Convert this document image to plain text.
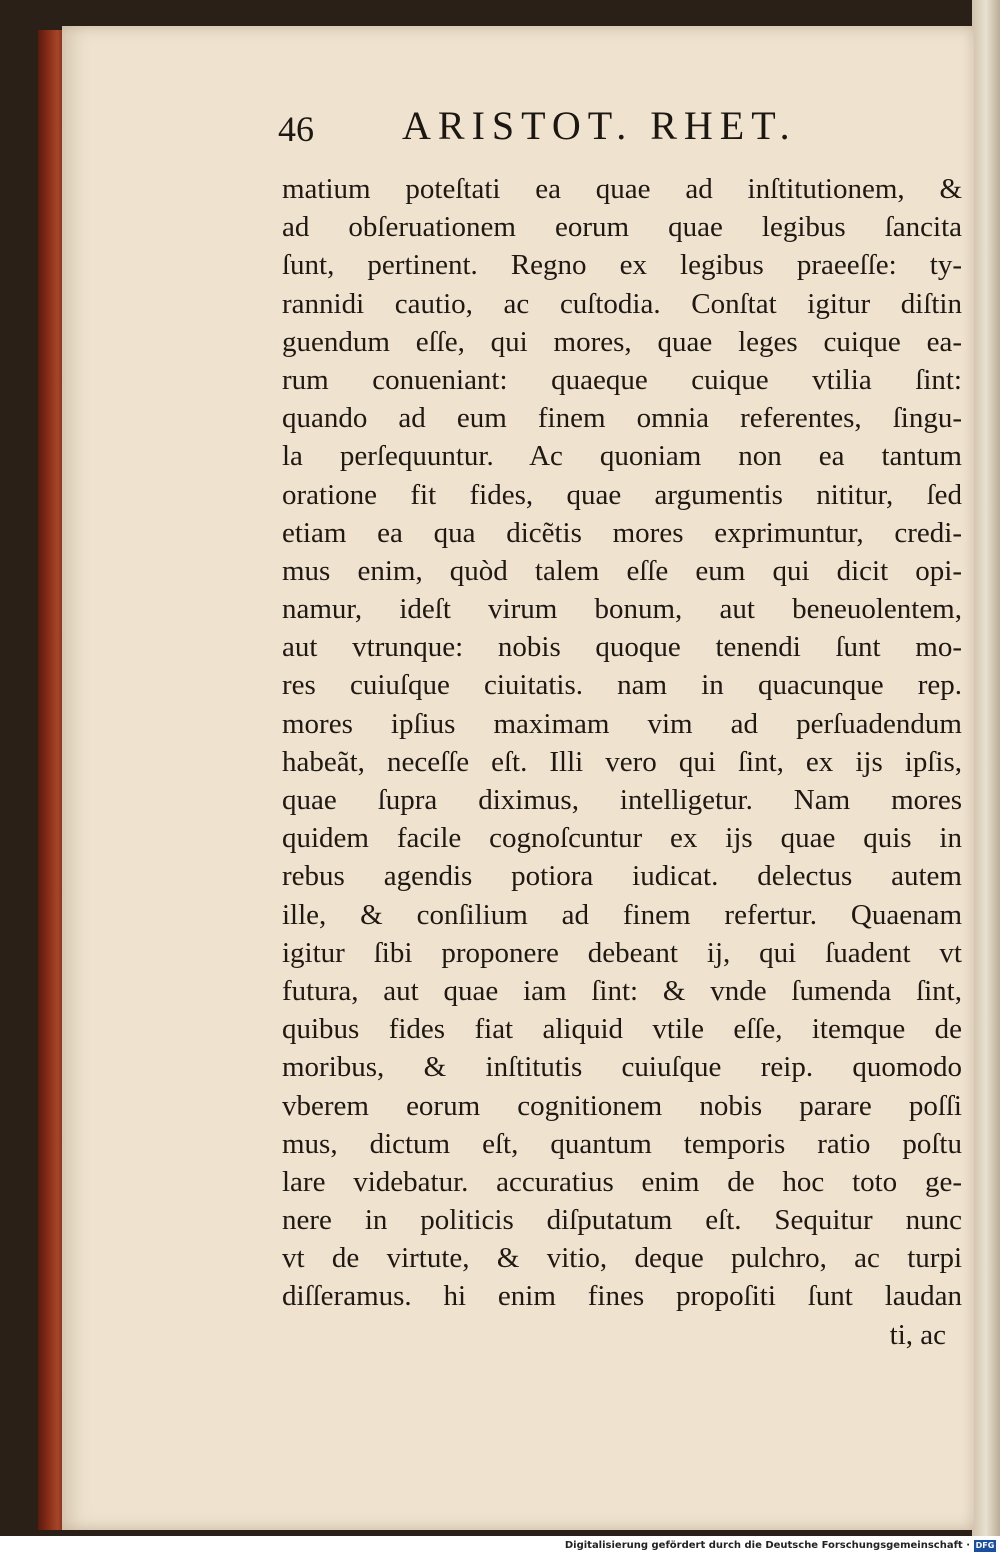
46 ARISTOT. RHET.
matium poteſtati ea quae ad inſtitutionem, &
ad obſeruationem eorum quae legibus ſancita
ſunt, pertinent. Regno ex legibus praeeſſe: ty-
rannidi cautio, ac cuſtodia. Conſtat igitur diſtin
guendum eſſe, qui mores, quae leges cuique ea-
rum conueniant: quaeque cuique vtilia ſint:
quando ad eum finem omnia referentes, ſingu-
la perſequuntur. Ac quoniam non ea tantum
oratione fit fides, quae argumentis nititur, ſed
etiam ea qua dicẽtis mores exprimuntur, credi-
mus enim, quòd talem eſſe eum qui dicit opi-
namur, ideſt virum bonum, aut beneuolentem,
aut vtrunque: nobis quoque tenendi ſunt mo-
res cuiuſque ciuitatis. nam in quacunque rep.
mores ipſius maximam vim ad perſuadendum
habeãt, neceſſe eſt. Illi vero qui ſint, ex ijs ipſis,
quae ſupra diximus, intelligetur. Nam mores
quidem facile cognoſcuntur ex ijs quae quis in
rebus agendis potiora iudicat. delectus autem
ille, & conſilium ad finem refertur. Quaenam
igitur ſibi proponere debeant ij, qui ſuadent vt
futura, aut quae iam ſint: & vnde ſumenda ſint,
quibus fides fiat aliquid vtile eſſe, itemque de
moribus, & inſtitutis cuiuſque reip. quomodo
vberem eorum cognitionem nobis parare poſſi
mus, dictum eſt, quantum temporis ratio poſtu
lare videbatur. accuratius enim de hoc toto ge-
nere in politicis diſputatum eſt. Sequitur nunc
vt de virtute, & vitio, deque pulchro, ac turpi
diſſeramus. hi enim fines propoſiti ſunt laudan
ti, ac
Digitalisierung gefördert durch die Deutsche Forschungsgemeinschaft · DFG
